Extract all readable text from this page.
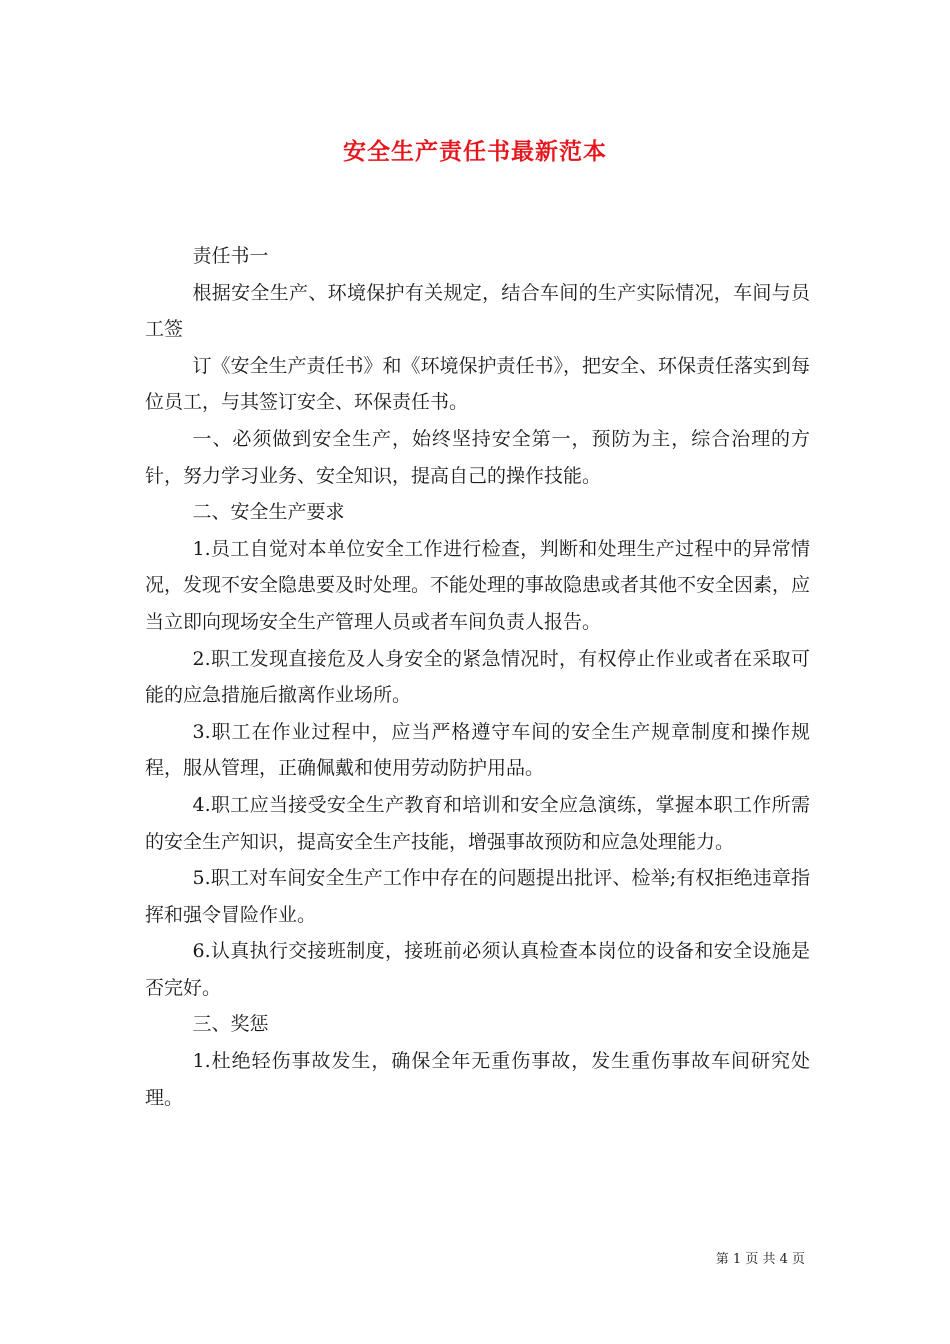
安全生产责任书最新范本

责任书一

根据安全生产、环境保护有关规定，结合车间的生产实际情况，车间与员工签

订《安全生产责任书》和《环境保护责任书》，把安全、环保责任落实到每位员工，与其签订安全、环保责任书。

一、必须做到安全生产，始终坚持安全第一，预防为主，综合治理的方针，努力学习业务、安全知识，提高自己的操作技能。

二、安全生产要求

1.员工自觉对本单位安全工作进行检查，判断和处理生产过程中的异常情况，发现不安全隐患要及时处理。不能处理的事故隐患或者其他不安全因素，应当立即向现场安全生产管理人员或者车间负责人报告。

2.职工发现直接危及人身安全的紧急情况时，有权停止作业或者在采取可能的应急措施后撤离作业场所。

3.职工在作业过程中，应当严格遵守车间的安全生产规章制度和操作规程，服从管理，正确佩戴和使用劳动防护用品。

4.职工应当接受安全生产教育和培训和安全应急演练，掌握本职工作所需的安全生产知识，提高安全生产技能，增强事故预防和应急处理能力。

5.职工对车间安全生产工作中存在的问题提出批评、检举;有权拒绝违章指挥和强令冒险作业。

6.认真执行交接班制度，接班前必须认真检查本岗位的设备和安全设施是否完好。

三、奖惩

1.杜绝轻伤事故发生，确保全年无重伤事故，发生重伤事故车间研究处理。

第 1 页 共 4 页
